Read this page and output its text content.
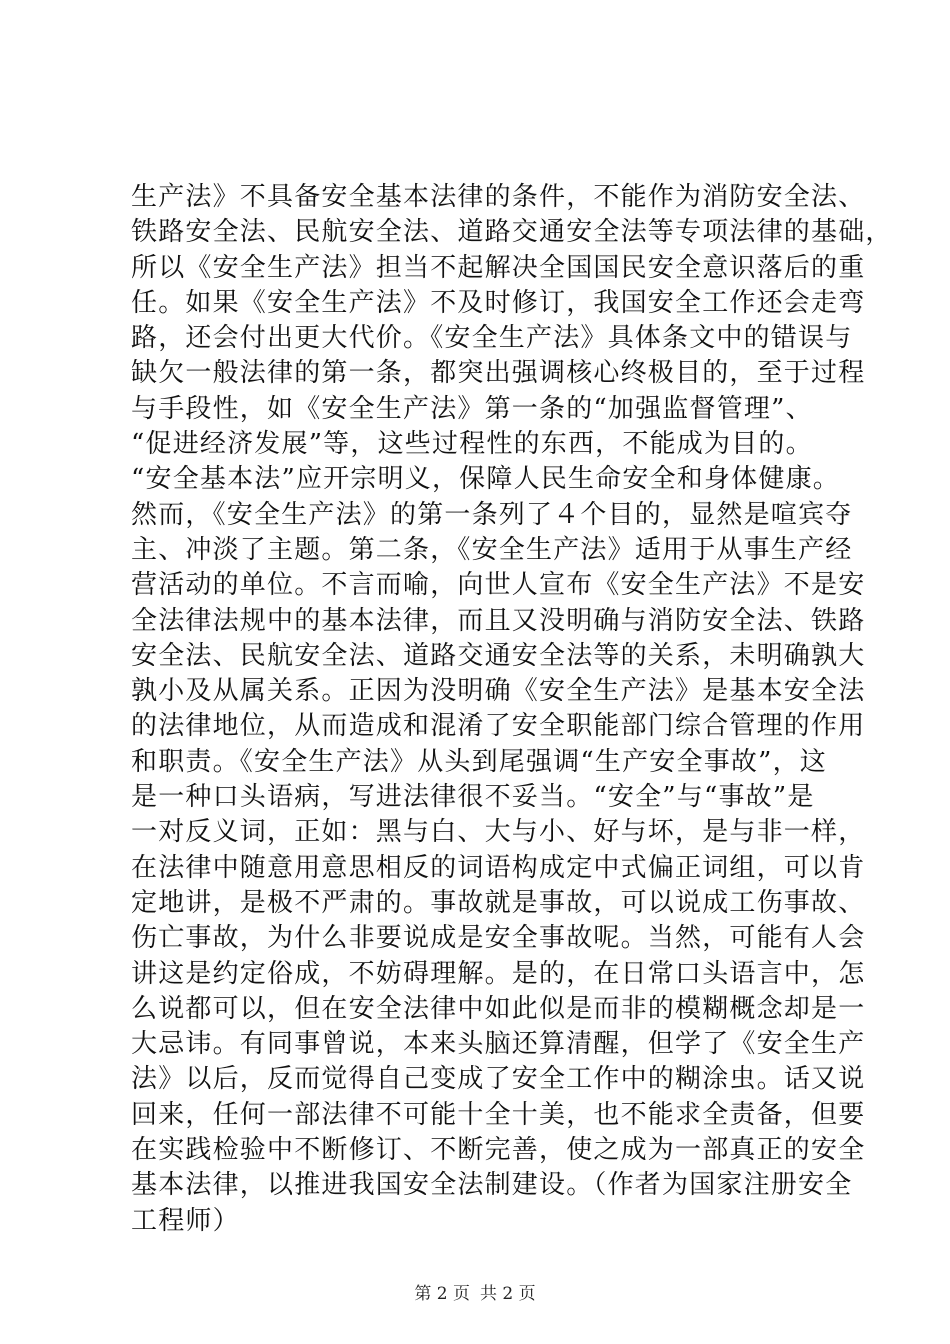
生产法》不具备安全基本法律的条件，不能作为消防安全法、
铁路安全法、民航安全法、道路交通安全法等专项法律的基础，
所以《安全生产法》担当不起解决全国国民安全意识落后的重
任。如果《安全生产法》不及时修订，我国安全工作还会走弯
路，还会付出更大代价。《安全生产法》具体条文中的错误与
缺欠一般法律的第一条，都突出强调核心终极目的，至于过程
与手段性，如《安全生产法》第一条的“加强监督管理”、
“促进经济发展”等，这些过程性的东西，不能成为目的。
“安全基本法”应开宗明义，保障人民生命安全和身体健康。
然而，《安全生产法》的第一条列了４个目的，显然是喧宾夺
主、冲淡了主题。第二条，《安全生产法》适用于从事生产经
营活动的单位。不言而喻，向世人宣布《安全生产法》不是安
全法律法规中的基本法律，而且又没明确与消防安全法、铁路
安全法、民航安全法、道路交通安全法等的关系，未明确孰大
孰小及从属关系。正因为没明确《安全生产法》是基本安全法
的法律地位，从而造成和混淆了安全职能部门综合管理的作用
和职责。《安全生产法》从头到尾强调“生产安全事故”，这
是一种口头语病，写进法律很不妥当。“安全”与“事故”是
一对反义词，正如：黑与白、大与小、好与坏，是与非一样，
在法律中随意用意思相反的词语构成定中式偏正词组，可以肯
定地讲，是极不严肃的。事故就是事故，可以说成工伤事故、
伤亡事故，为什么非要说成是安全事故呢。当然，可能有人会
讲这是约定俗成，不妨碍理解。是的，在日常口头语言中，怎
么说都可以，但在安全法律中如此似是而非的模糊概念却是一
大忌讳。有同事曾说，本来头脑还算清醒，但学了《安全生产
法》以后，反而觉得自己变成了安全工作中的糊涂虫。话又说
回来，任何一部法律不可能十全十美，也不能求全责备，但要
在实践检验中不断修订、不断完善，使之成为一部真正的安全
基本法律，以推进我国安全法制建设。（作者为国家注册安全
工程师）
第 2 页 共 2 页
